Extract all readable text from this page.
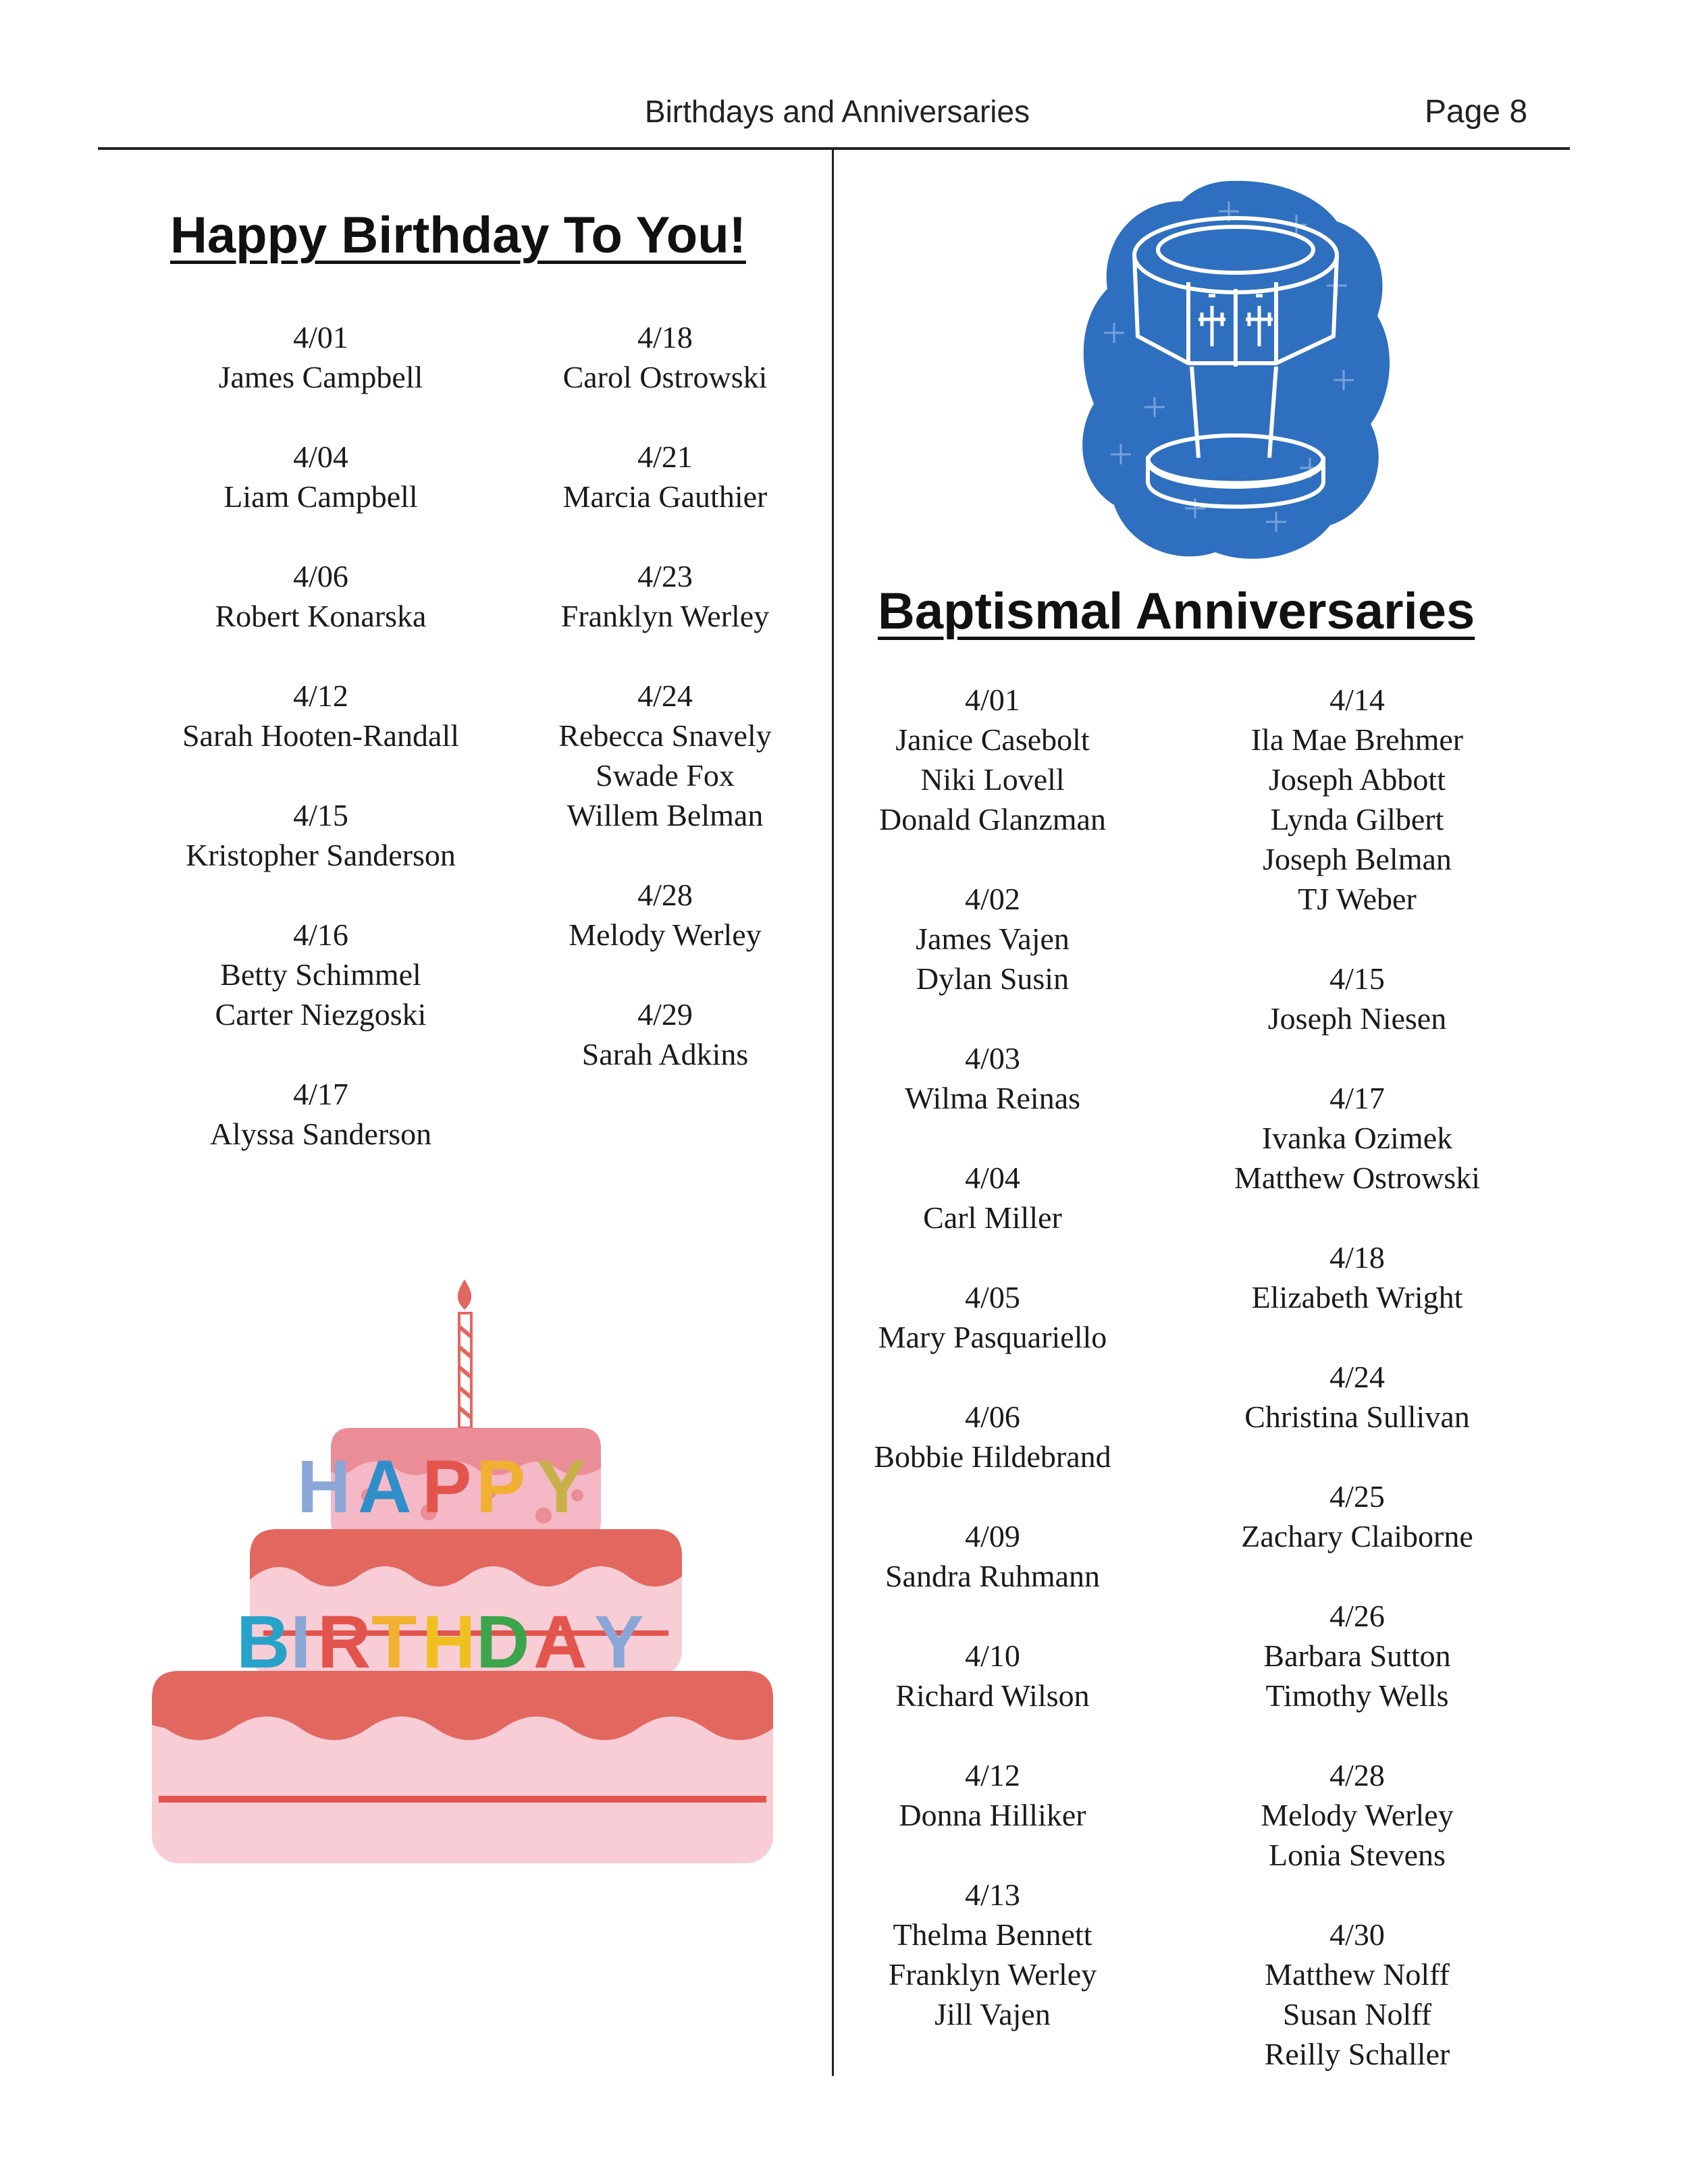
Birthdays and Anniversaries	Page 8
Happy Birthday To You!
4/01
James Campbell
4/04
Liam Campbell
4/06
Robert Konarska
4/12
Sarah Hooten-Randall
4/15
Kristopher Sanderson
4/16
Betty Schimmel
Carter Niezgoski
4/17
Alyssa Sanderson
4/18
Carol Ostrowski
4/21
Marcia Gauthier
4/23
Franklyn Werley
4/24
Rebecca Snavely
Swade Fox
Willem Belman
4/28
Melody Werley
4/29
Sarah Adkins
Baptismal Anniversaries
4/01
Janice Casebolt
Niki Lovell
Donald Glanzman
4/02
James Vajen
Dylan Susin
4/03
Wilma Reinas
4/04
Carl Miller
4/05
Mary Pasquariello
4/06
Bobbie Hildebrand
4/09
Sandra Ruhmann
4/10
Richard Wilson
4/12
Donna Hilliker
4/13
Thelma Bennett
Franklyn Werley
Jill Vajen
4/14
Ila Mae Brehmer
Joseph Abbott
Lynda Gilbert
Joseph Belman
TJ Weber
4/15
Joseph Niesen
4/17
Ivanka Ozimek
Matthew Ostrowski
4/18
Elizabeth Wright
4/24
Christina Sullivan
4/25
Zachary Claiborne
4/26
Barbara Sutton
Timothy Wells
4/28
Melody Werley
Lonia Stevens
4/30
Matthew Nolff
Susan Nolff
Reilly Schaller
H A P P Y
B I R T H D A Y
